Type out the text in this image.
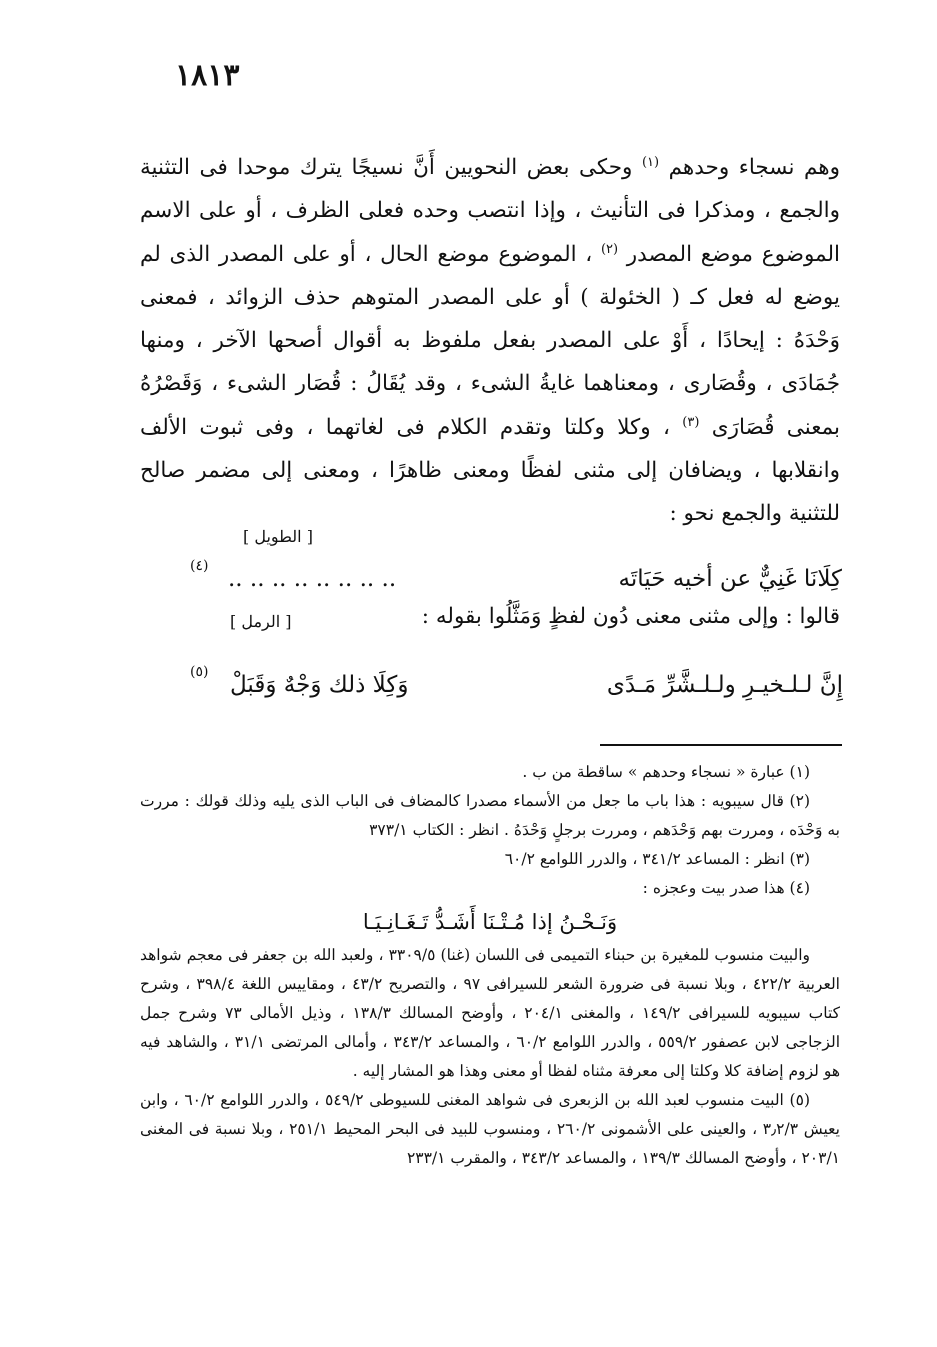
١٨١٣

وهم نسجاء وحدهم $^{(١)}$ وحكى بعض النحويين أَنَّ نسيجًا يترك موحدا فى التثنية والجمع ، ومذكرا فى التأنيث ، وإذا انتصب وحده فعلى الظرف ، أو على الاسم الموضوع موضع المصدر $^{(٢)}$ ، الموضوع موضع الحال ، أو على المصدر الذى لم يوضع له فعل كـ ( الخئولة ) أو على المصدر المتوهم حذف الزوائد ، فمعنى وَحْدَهُ : إيحادًا ، أَوْ على المصدر بفعل ملفوظ به أقوال أصحها الآخر ، ومنها جُمَادَى ، وقُصَارى ، ومعناهما غايةُ الشىء ، وقد يُقَالُ : قُصَار الشىء ، وَقَصْرُهُ بمعنى قُصَارَى $^{(٣)}$ ، وكلا وكلتا وتقدم الكلام فى لغاتهما ، وفى ثبوت الألف وانقلابها ، ويضافان إلى مثنى لفظًا ومعنى ظاهرًا ، ومعنى إلى مضمر صالح للتثنية والجمع نحو :

[ الطويل ]
(٤)	كِلَانَا غَنِيٌّ عن أخيه حَيَاتَه
.. .. .. .. .. .. .. ..
قالوا : وإلى مثنى معنى دُون لفظٍ وَمَثَّلُوا بقوله :
[ الرمل ]
(٥)	إِنَّ لـلـخيـرِ ولـلـشَّرِّ مَـدًى
وَكِلَا ذلك وَجْهٌ وَقَبَلْ

(١) عبارة « نسجاء وحدهم » ساقطة من ب .

(٢) قال سيبويه : هذا باب ما جعل من الأسماء مصدرا كالمضاف فى الباب الذى يليه وذلك قولك : مررت به وَحْدَه ، ومررت بهم وَحْدَهم ، ومررت برجلٍ وَحْدَهُ . انظر : الكتاب ٣٧٣/١

(٣) انظر : المساعد ٣٤١/٢ ، والدرر اللوامع ٦٠/٢

(٤) هذا صدر بيت وعجزه :

وَنَـحْـنُ إذا مُـتْـنَا أَشَـدُّ تَـغَـانِـيَـا

والبيت منسوب للمغيرة بن حبناء التميمى فى اللسان (غنا) ٣٣٠٩/٥ ، ولعبد الله بن جعفر فى معجم شواهد العربية ٤٢٢/٢ ، وبلا نسبة فى ضرورة الشعر للسيرافى ٩٧ ، والتصريح ٤٣/٢ ، ومقاييس اللغة ٣٩٨/٤ ، وشرح كتاب سيبويه للسيرافى ١٤٩/٢ ، والمغنى ٢٠٤/١ ، وأوضح المسالك ١٣٨/٣ ، وذيل الأمالى ٧٣ وشرح جمل الزجاجى لابن عصفور ٥٥٩/٢ ، والدرر اللوامع ٦٠/٢ ، والمساعد ٣٤٣/٢ ، وأمالى المرتضى ٣١/١ ، والشاهد فيه هو لزوم إضافة كلا وكلتا إلى معرفة مثناه لفظا أو معنى وهذا هو المشار إليه .

(٥) البيت منسوب لعبد الله بن الزبعرى فى شواهد المغنى للسيوطى ٥٤٩/٢ ، والدرر اللوامع ٦٠/٢ ، وابن يعيش ٣٫٢/٣ ، والعينى على الأشمونى ٢٦٠/٢ ، ومنسوب للبيد فى البحر المحيط ٢٥١/١ ، وبلا نسبة فى المغنى ٢٠٣/١ ، وأوضح المسالك ١٣٩/٣ ، والمساعد ٣٤٣/٢ ، والمقرب ٢٣٣/١
